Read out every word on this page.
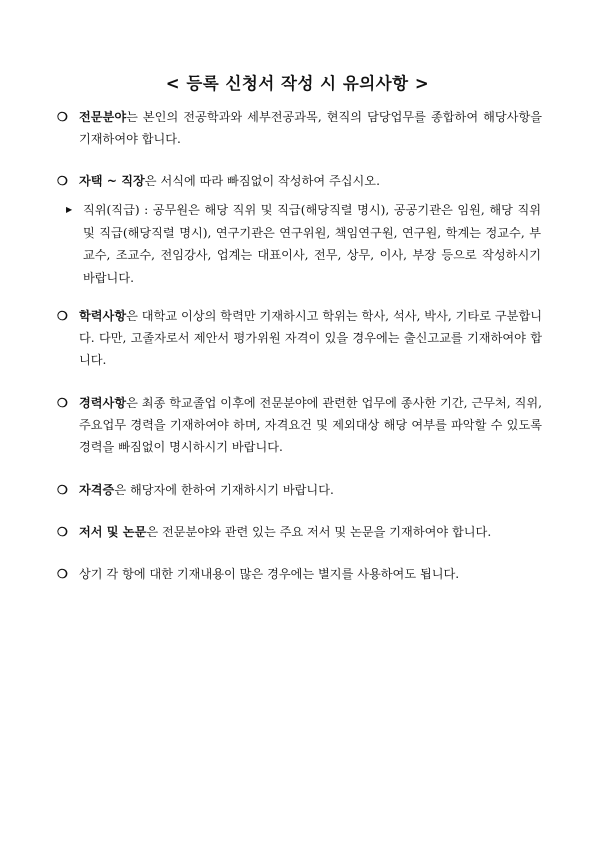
< 등록 신청서 작성 시 유의사항 >
❍ 전문분야는 본인의 전공학과와 세부전공과목, 현직의 담당업무를 종합하여 해당사항을 기재하여야 합니다.
❍ 자택 ~ 직장은 서식에 따라 빠짐없이 작성하여 주십시오.
▶ 직위(직급) : 공무원은 해당 직위 및 직급(해당직렬 명시), 공공기관은 임원, 해당 직위 및 직급(해당직렬 명시), 연구기관은 연구위원, 책임연구원, 연구원, 학계는 정교수, 부교수, 조교수, 전임강사, 업계는 대표이사, 전무, 상무, 이사, 부장 등으로 작성하시기 바랍니다.
❍ 학력사항은 대학교 이상의 학력만 기재하시고 학위는 학사, 석사, 박사, 기타로 구분합니다. 다만, 고졸자로서 제안서 평가위원 자격이 있을 경우에는 출신고교를 기재하여야 합니다.
❍ 경력사항은 최종 학교졸업 이후에 전문분야에 관련한 업무에 종사한 기간, 근무처, 직위, 주요업무 경력을 기재하여야 하며, 자격요건 및 제외대상 해당 여부를 파악할 수 있도록 경력을 빠짐없이 명시하시기 바랍니다.
❍ 자격증은 해당자에 한하여 기재하시기 바랍니다.
❍ 저서 및 논문은 전문분야와 관련 있는 주요 저서 및 논문을 기재하여야 합니다.
❍ 상기 각 항에 대한 기재내용이 많은 경우에는 별지를 사용하여도 됩니다.
